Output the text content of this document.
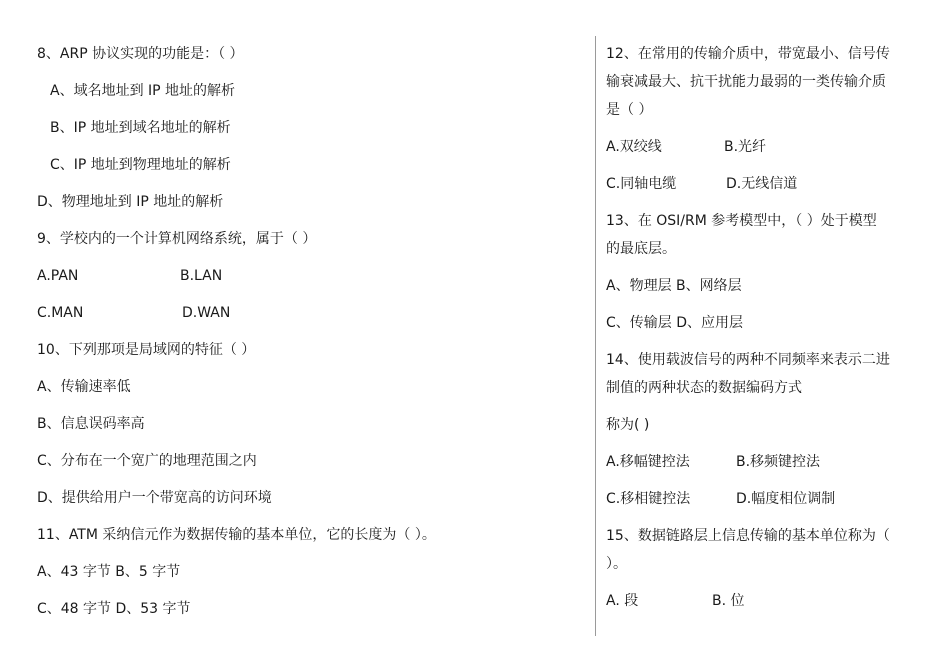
8、ARP 协议实现的功能是：（ ）
A、域名地址到 IP 地址的解析
B、IP 地址到域名地址的解析
C、IP 地址到物理地址的解析
D、物理地址到 IP 地址的解析
9、学校内的一个计算机网络系统，属于（ ）
A.PAN	B.LAN
C.MAN	D.WAN
10、下列那项是局域网的特征（ ）
A、传输速率低
B、信息误码率高
C、分布在一个宽广的地理范围之内
D、提供给用户一个带宽高的访问环境
11、ATM 采纳信元作为数据传输的基本单位，它的长度为（ ）。
A、43 字节 B、5 字节
C、48 字节 D、53 字节
12、在常用的传输介质中，带宽最小、信号传
输衰减最大、抗干扰能力最弱的一类传输介质
是（ ）
A.双绞线	B.光纤
C.同轴电缆	D.无线信道
13、在 OSI/RM 参考模型中，（ ）处于模型
的最底层。
A、物理层 B、网络层
C、传输层 D、应用层
14、使用载波信号的两种不同频率来表示二进
制值的两种状态的数据编码方式
称为( )
A.移幅键控法	B.移频键控法
C.移相键控法	D.幅度相位调制
15、数据链路层上信息传输的基本单位称为（
）。
A. 段	B. 位
